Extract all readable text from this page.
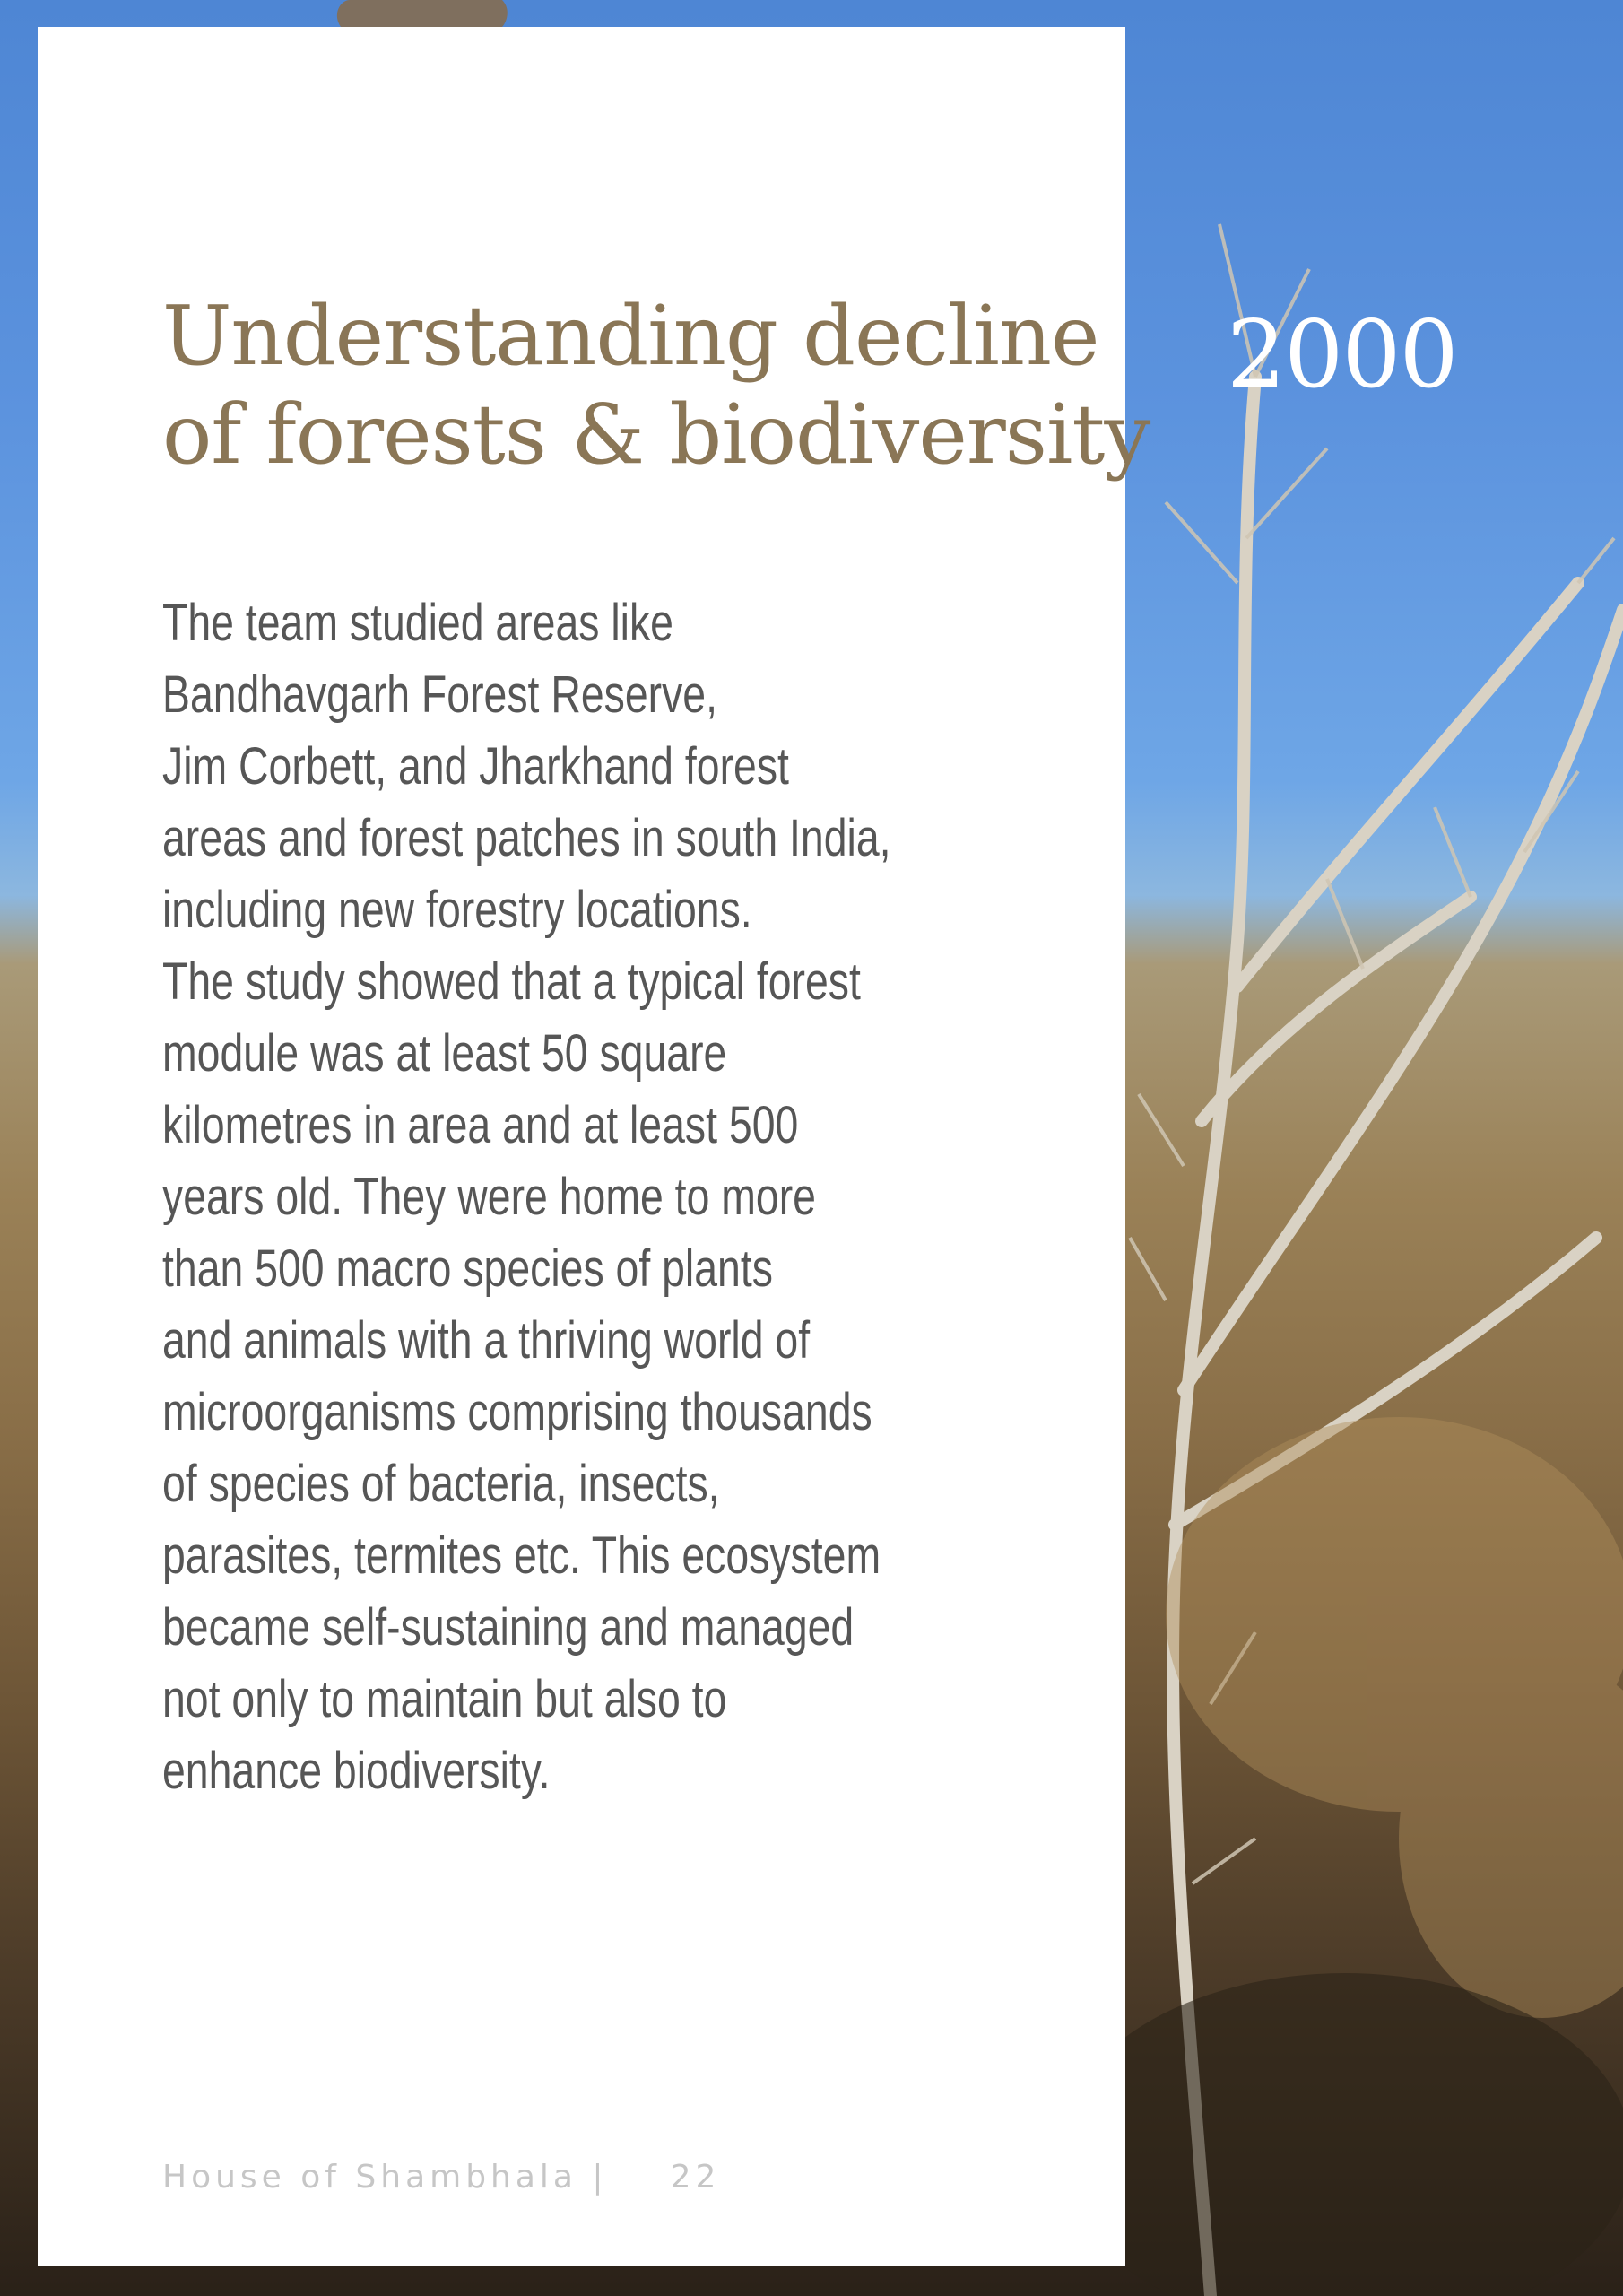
Understanding decline
of forests & biodiversity
2000
The team studied areas like
Bandhavgarh Forest Reserve,
Jim Corbett, and Jharkhand forest
areas and forest patches in south India,
including new forestry locations.
The study showed that a typical forest
module was at least 50 square
kilometres in area and at least 500
years old. They were home to more
than 500 macro species of plants
and animals with a thriving world of
microorganisms comprising thousands
of species of bacteria, insects,
parasites, termites etc. This ecosystem
became self-sustaining and managed
not only to maintain but also to
enhance biodiversity.
House of Shambhala | 22
